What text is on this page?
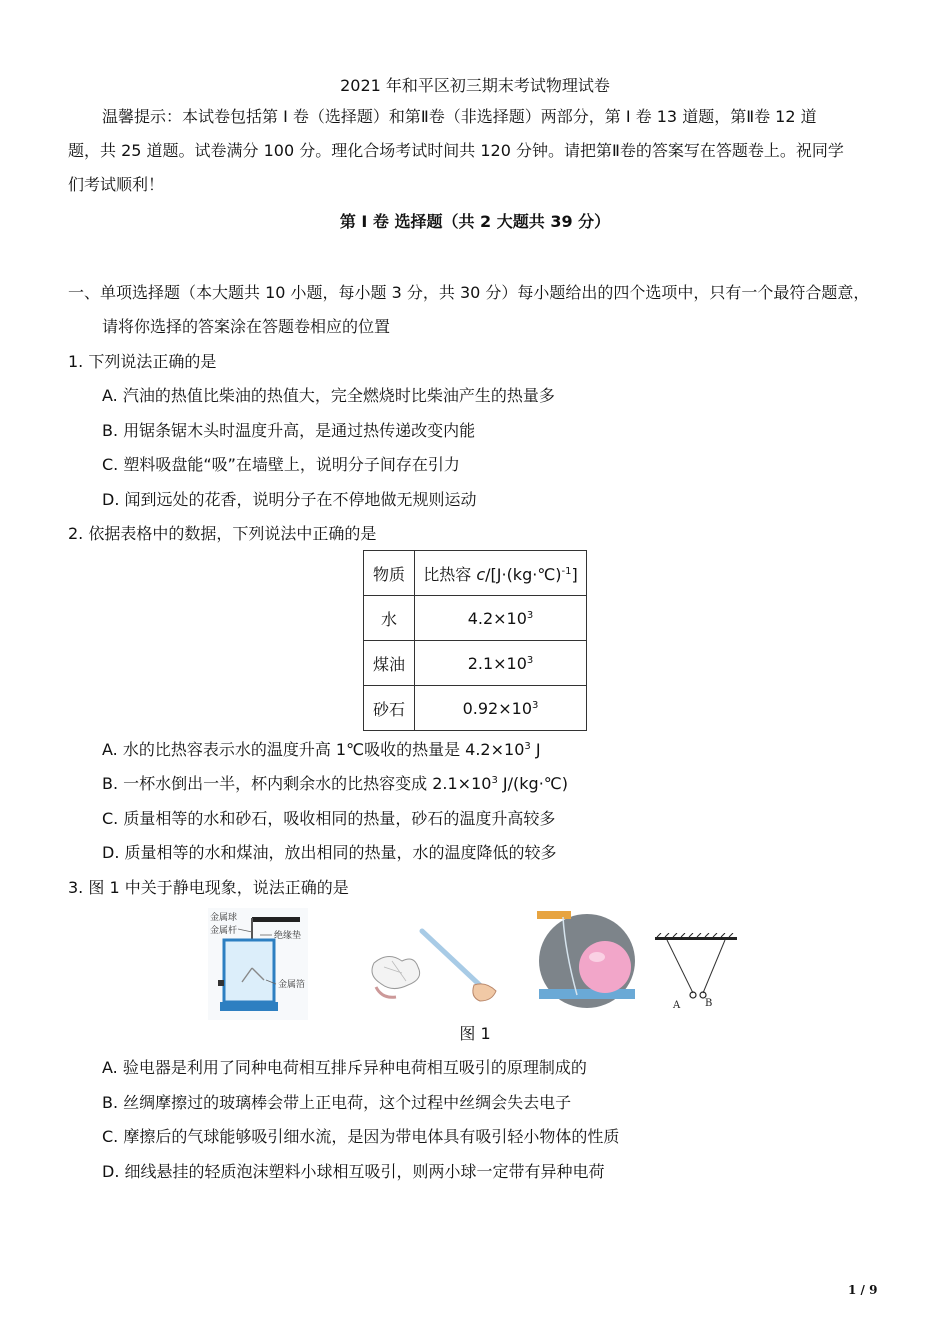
2021 年和平区初三期末考试物理试卷

温馨提示：本试卷包括第 I 卷（选择题）和第Ⅱ卷（非选择题）两部分，第 I 卷 13 道题，第Ⅱ卷 12 道

题，共 25 道题。试卷满分 100 分。理化合场考试时间共 120 分钟。请把第Ⅱ卷的答案写在答题卷上。祝同学

们考试顺利！

第 I 卷 选择题（共 2 大题共 39 分）
一、单项选择题（本大题共 10 小题，每小题 3 分，共 30 分）每小题给出的四个选项中，只有一个最符合题意，
请将你选择的答案涂在答题卷相应的位置
1. 下列说法正确的是
A. 汽油的热值比柴油的热值大，完全燃烧时比柴油产生的热量多
B. 用锯条锯木头时温度升高，是通过热传递改变内能
C. 塑料吸盘能“吸”在墙壁上，说明分子间存在引力
D. 闻到远处的花香，说明分子在不停地做无规则运动
2. 依据表格中的数据，下列说法中正确的是
物质	比热容 c/[J·(kg·℃)$^{-1}$]
水	$4.2\times 10^3$
煤油	$2.1\times 10^3$
砂石	$0.92\times 10^3$
A. 水的比热容表示水的温度升高 1℃吸收的热量是 $4.2\times 10^3$ J
B. 一杯水倒出一半，杯内剩余水的比热容变成 $2.1\times 10^3$ J/(kg·℃)
C. 质量相等的水和砂石，吸收相同的热量，砂石的温度升高较多
D. 质量相等的水和煤油，放出相同的热量，水的温度降低的较多
3. 图 1 中关于静电现象，说法正确的是
金属球
金属杆	绝缘垫
金属箔
A B
图 1
A. 验电器是利用了同种电荷相互排斥异种电荷相互吸引的原理制成的
B. 丝绸摩擦过的玻璃棒会带上正电荷，这个过程中丝绸会失去电子
C. 摩擦后的气球能够吸引细水流，是因为带电体具有吸引轻小物体的性质
D. 细线悬挂的轻质泡沫塑料小球相互吸引，则两小球一定带有异种电荷
1 / 9
